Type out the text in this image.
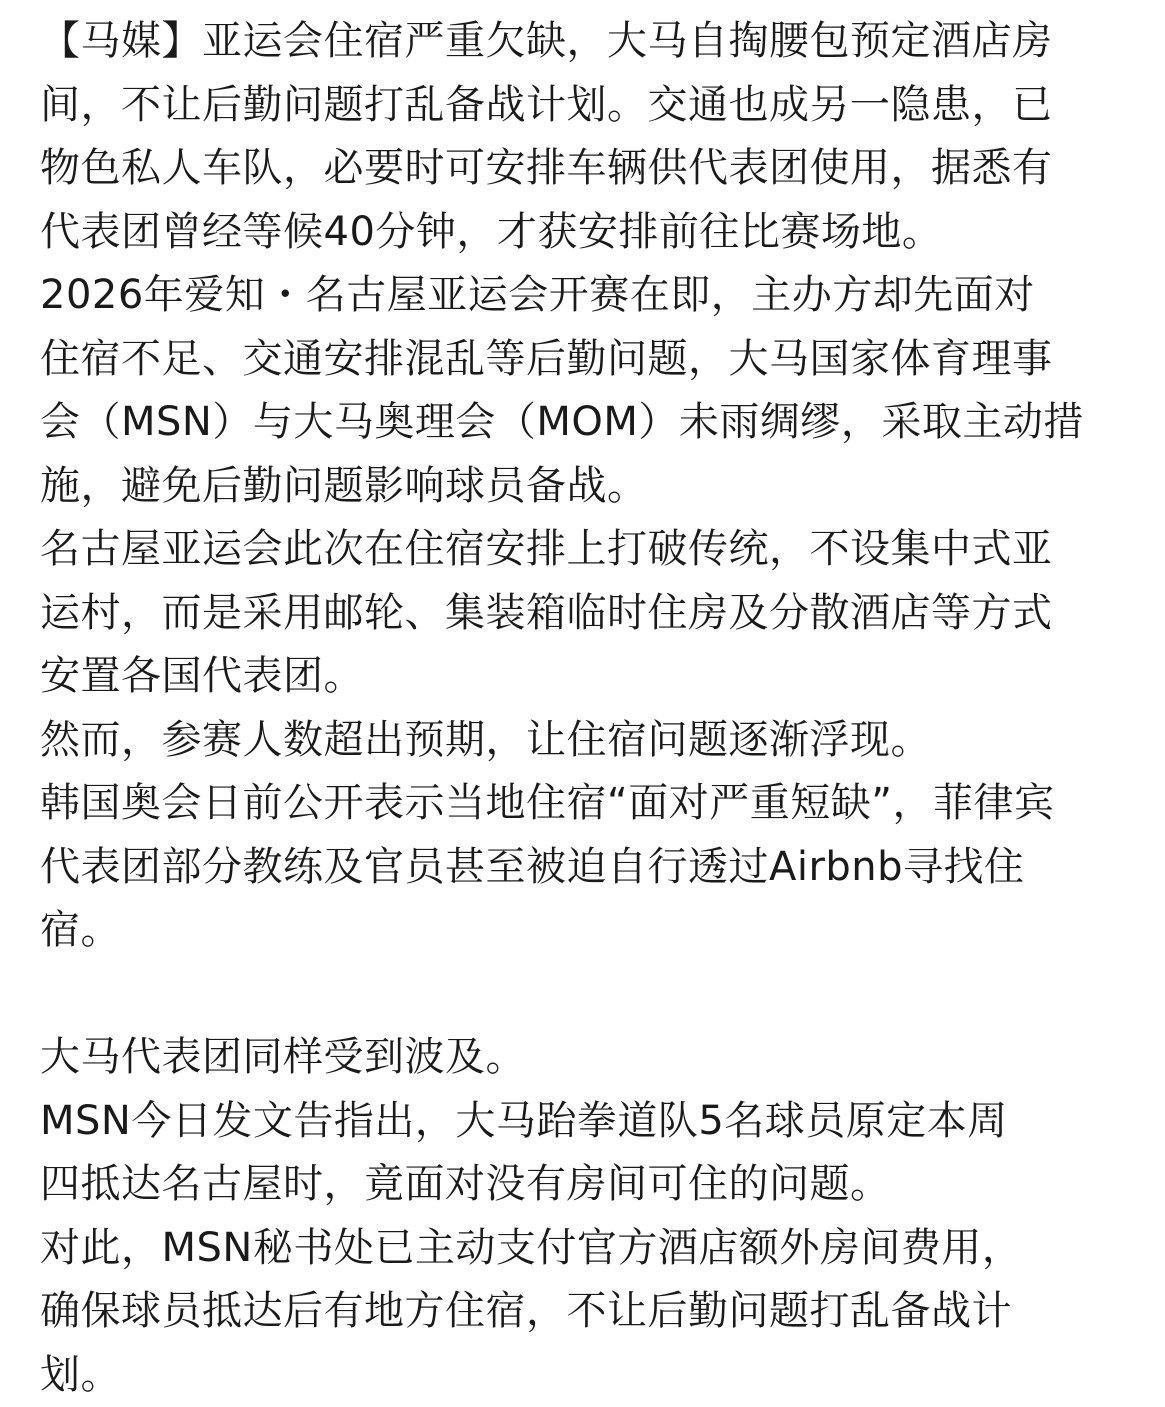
【马媒】亚运会住宿严重欠缺，大马自掏腰包预定酒店房
间，不让后勤问题打乱备战计划。交通也成另一隐患，已
物色私人车队，必要时可安排车辆供代表团使用，据悉有
代表团曾经等候40分钟，才获安排前往比赛场地。

2026年爱知・名古屋亚运会开赛在即，主办方却先面对
住宿不足、交通安排混乱等后勤问题，大马国家体育理事
会（MSN）与大马奥理会（MOM）未雨绸缪，采取主动措
施，避免后勤问题影响球员备战。

名古屋亚运会此次在住宿安排上打破传统，不设集中式亚
运村，而是采用邮轮、集装箱临时住房及分散酒店等方式
安置各国代表团。

然而，参赛人数超出预期，让住宿问题逐渐浮现。

韩国奥会日前公开表示当地住宿“面对严重短缺”，菲律宾
代表团部分教练及官员甚至被迫自行透过Airbnb寻找住
宿。

大马代表团同样受到波及。

MSN今日发文告指出，大马跆拳道队5名球员原定本周
四抵达名古屋时，竟面对没有房间可住的问题。

对此，MSN秘书处已主动支付官方酒店额外房间费用，
确保球员抵达后有地方住宿，不让后勤问题打乱备战计
划。
